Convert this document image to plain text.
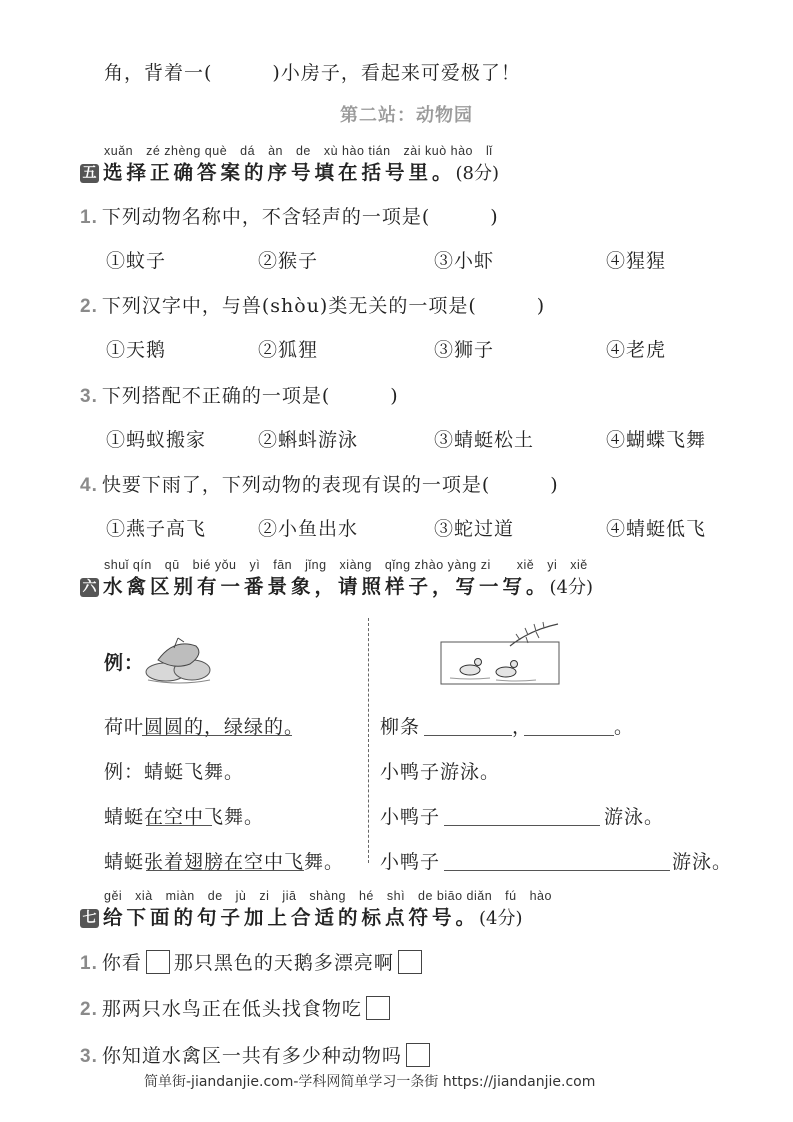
角，背着一(　　　)小房子，看起来可爱极了！
第二站：动物园
xuǎn　zé zhèng què　dá　àn　de　xù hào tián　zài kuò hào　lǐ
五 选择正确答案的序号填在括号里。(8分)
1. 下列动物名称中，不含轻声的一项是(　　　)
①蚊子	②猴子	③小虾	④猩猩
2. 下列汉字中，与兽(shòu)类无关的一项是(　　　)
①天鹅	②狐狸	③狮子	④老虎
3. 下列搭配不正确的一项是(　　　)
①蚂蚁搬家	②蝌蚪游泳	③蜻蜓松土	④蝴蝶飞舞
4. 快要下雨了，下列动物的表现有误的一项是(　　　)
①燕子高飞	②小鱼出水	③蛇过道	④蜻蜓低飞
shuǐ qín　qū　bié yǒu　yì　fān　jǐng　xiàng　qǐng zhào yàng zi　　xiě　yi　xiě
六 水禽区别有一番景象，请照样子，写一写。(4分)
例：
荷叶圆圆的，绿绿的。
例：蜻蜓飞舞。
蜻蜓在空中飞舞。
蜻蜓张着翅膀在空中飞舞。
柳条	，	。
小鸭子游泳。
小鸭子	游泳。
小鸭子	游泳。
gěi　xià　miàn　de　jù　zi　jiā　shàng　hé　shì　de biāo diǎn　fú　hào
七 给下面的句子加上合适的标点符号。(4分)
1. 你看 那只黑色的天鹅多漂亮啊
2. 那两只水鸟正在低头找食物吃
3. 你知道水禽区一共有多少种动物吗
简单街-jiandanjie.com-学科网简单学习一条街 https://jiandanjie.com
